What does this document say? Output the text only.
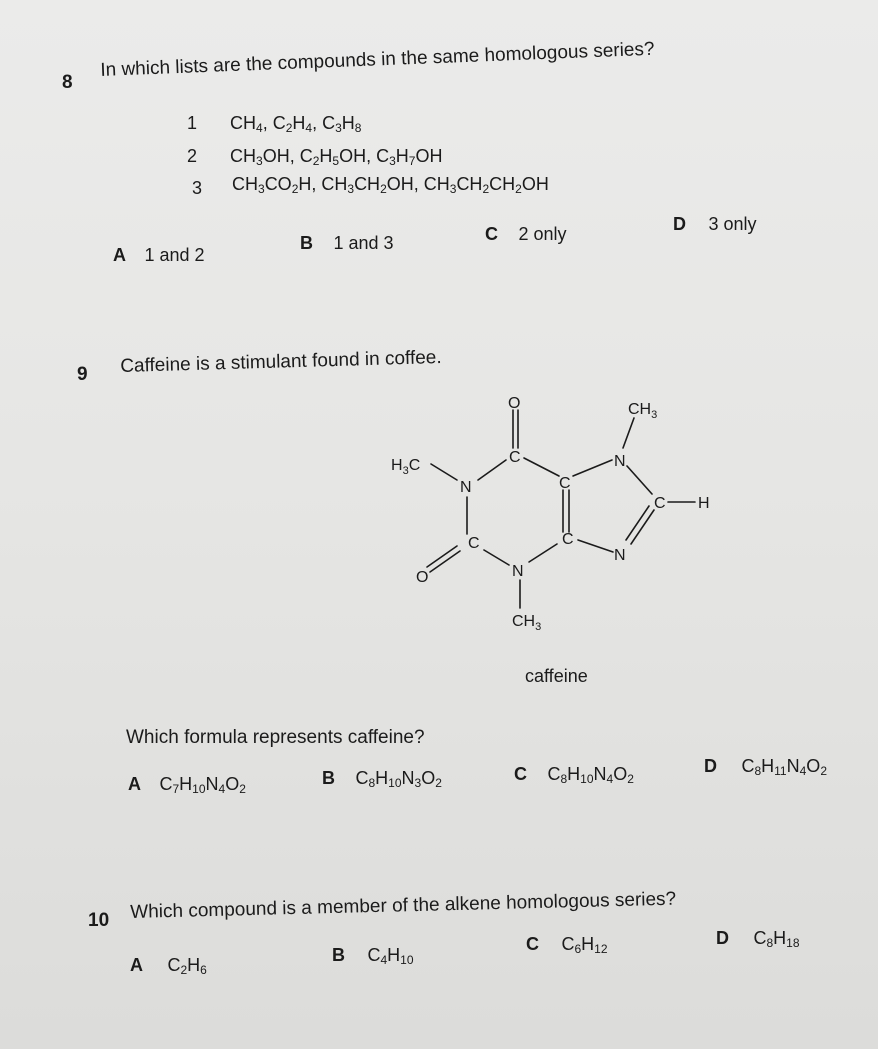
8
In which lists are the compounds in the same homologous series?
1 $CH_4$, $C_2H_4$, $C_3H_8$
2 $CH_3OH$, $C_2H_5OH$, $C_3H_7OH$
3 $CH_3CO_2H$, $CH_3CH_2OH$, $CH_3CH_2CH_2OH$
A 1 and 2
B 1 and 3	C 2 only	D 3 only
9 Caffeine is a stimulant found in coffee.
O
C
$CH_3$
$H_3C$
N	C
N
C H
C
O
C
N
N
$CH_3$
caffeine
Which formula represents caffeine?
A $C_7H_{10}N_4O_2$
B $C_8H_{10}N_3O_2$	C $C_8H_{10}N_4O_2$
D $C_8H_{11}N_4O_2$
10 Which compound is a member of the alkene homologous series?
A $C_2H_6$
B $C_4H_{10}$
C $C_6H_{12}$
D $C_8H_{18}$
